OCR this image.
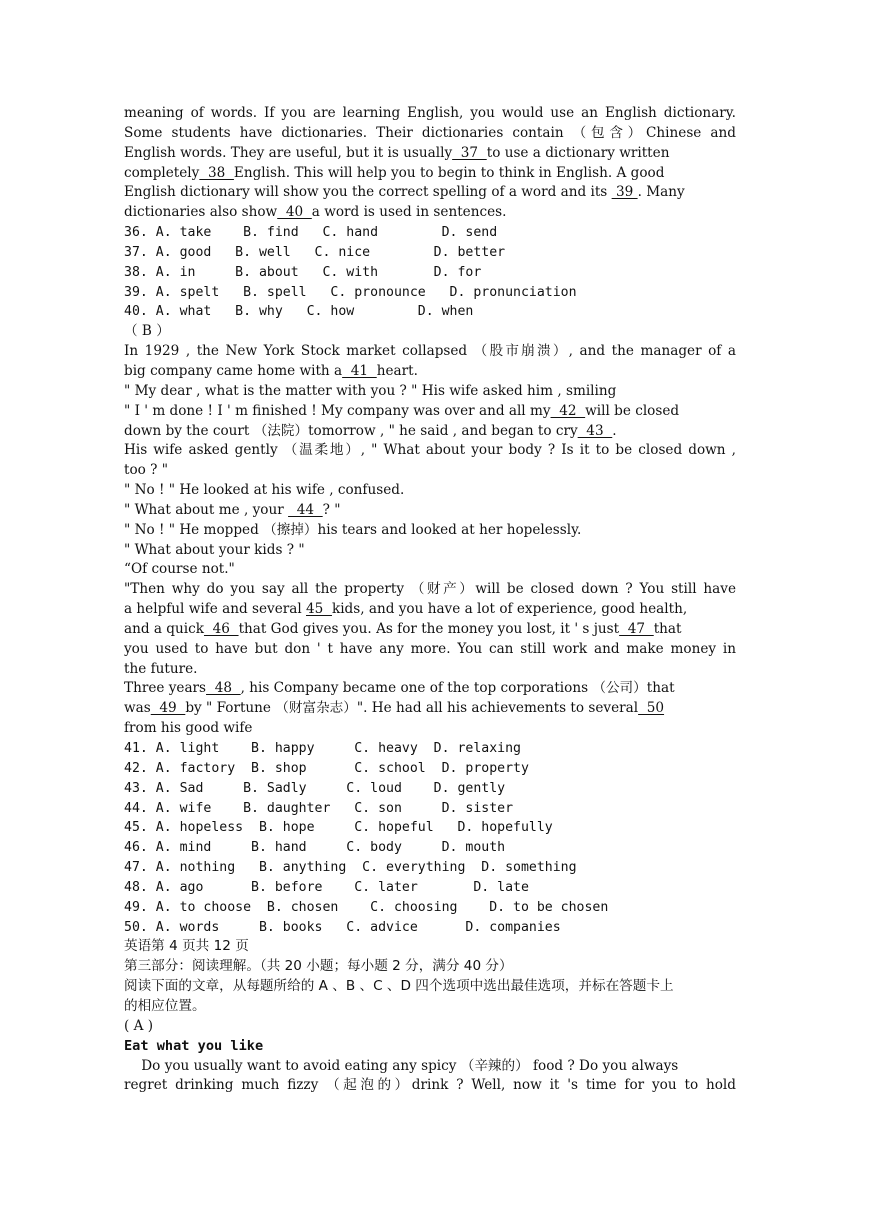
meaning of words. If you are learning English, you would use an English dictionary.
Some students have dictionaries. Their dictionaries contain （包含）Chinese and
English words. They are useful, but it is usually  37  to use a dictionary written
completely  38  English. This will help you to begin to think in English. A good
English dictionary will show you the correct spelling of a word and its  39 . Many
dictionaries also show  40  a word is used in sentences.
36. A. take    B. find   C. hand        D. send
37. A. good   B. well   C. nice        D. better
38. A. in     B. about   C. with       D. for
39. A. spelt   B. spell   C. pronounce   D. pronunciation
40. A. what   B. why   C. how        D. when
（ B ）
In 1929 , the New York Stock market collapsed （股市崩溃）, and the manager of a
big company came home with a  41  heart.
" My dear , what is the matter with you ? " His wife asked him , smiling
" I ' m done ! I ' m finished ! My company was over and all my  42  will be closed
down by the court （法院）tomorrow , " he said , and began to cry  43  .
His wife asked gently （温柔地）, " What about your body ? Is it to be closed down ,
too ? "
" No ! " He looked at his wife , confused.
" What about me , your   44  ? "
" No ! " He mopped （擦掉）his tears and looked at her hopelessly.
" What about your kids ? "
“Of course not."
"Then why do you say all the property （财产）will be closed down ? You still have
a helpful wife and several 45  kids, and you have a lot of experience, good health,
and a quick  46  that God gives you. As for the money you lost, it ' s just  47  that
you used to have but don ' t have any more. You can still work and make money in
the future.
Three years  48  , his Company became one of the top corporations （公司）that
was  49  by " Fortune （财富杂志）". He had all his achievements to several  50
from his good wife
41. A. light    B. happy     C. heavy  D. relaxing
42. A. factory  B. shop      C. school  D. property
43. A. Sad     B. Sadly     C. loud    D. gently
44. A. wife    B. daughter   C. son     D. sister
45. A. hopeless  B. hope     C. hopeful   D. hopefully
46. A. mind     B. hand     C. body     D. mouth
47. A. nothing   B. anything  C. everything  D. something
48. A. ago      B. before    C. later       D. late
49. A. to choose  B. chosen    C. choosing    D. to be chosen
50. A. words     B. books   C. advice      D. companies
英语第 4 页共 12 页
第三部分：阅读理解。（共 20 小题；每小题 2 分，满分 40 分）
阅读下面的文章，从每题所给的 A 、B 、C 、D 四个选项中选出最佳选项，并标在答题卡上
的相应位置。
( A )
Eat what you like
Do you usually want to avoid eating any spicy （辛辣的） food ? Do you always
regret drinking much fizzy （起泡的）drink ? Well, now it 's time for you to hold
